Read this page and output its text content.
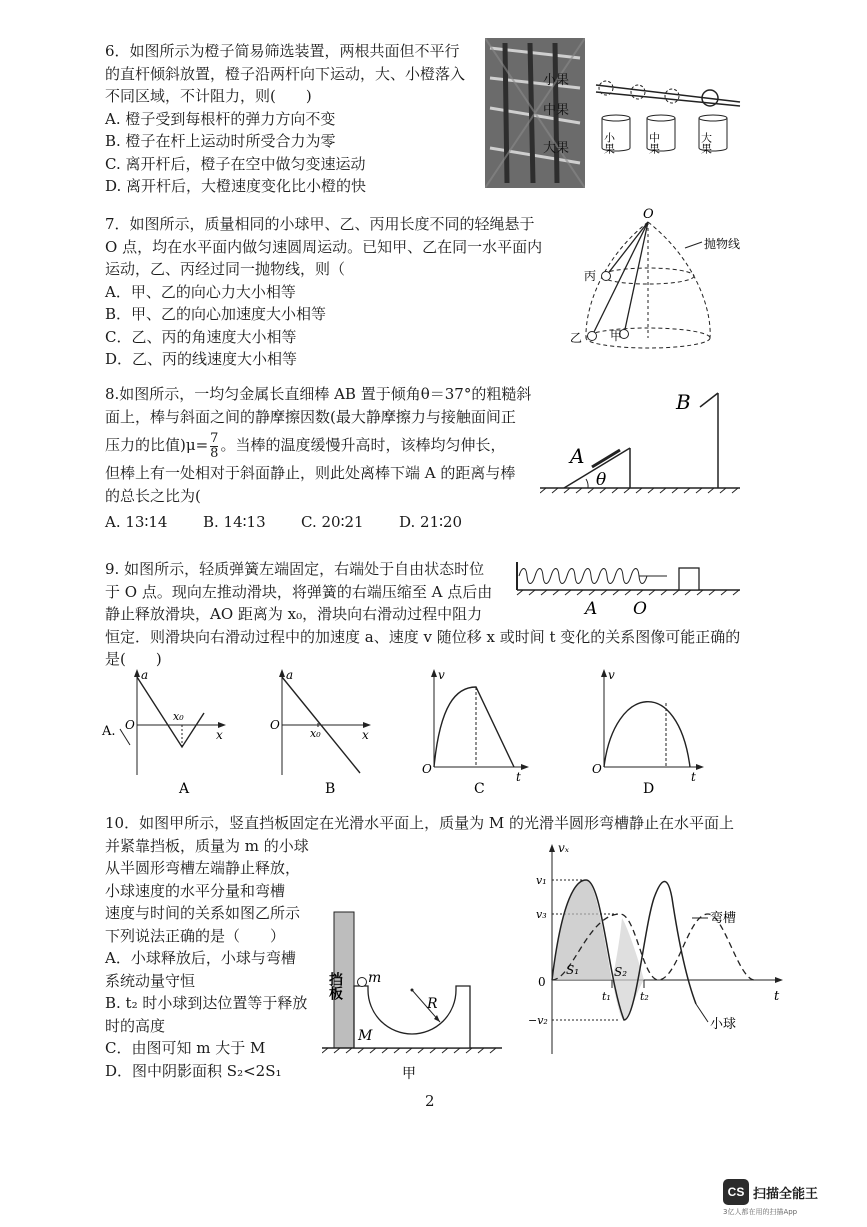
6．如图所示为橙子简易筛选装置，两根共面但不平行
的直杆倾斜放置，橙子沿两杆向下运动，大、小橙落入
不同区域，不计阻力，则(　　)
A. 橙子受到每根杆的弹力方向不变
B. 橙子在杆上运动时所受合力为零
C. 离开杆后，橙子在空中做匀变速运动
D. 离开杆后，大橙速度变化比小橙的快
小果
中果
大果	小果	中果	大果
7．如图所示，质量相同的小球甲、乙、丙用长度不同的轻绳悬于
O 点，均在水平面内做匀速圆周运动。已知甲、乙在同一水平面内
运动，乙、丙经过同一抛物线，则（
A．甲、乙的向心力大小相等
B．甲、乙的向心加速度大小相等
C．乙、丙的角速度大小相等
D．乙、丙的线速度大小相等
O
抛物线
丙
乙 甲
8.如图所示，一均匀金属长直细棒 AB 置于倾角θ＝37°的粗糙斜
面上，棒与斜面之间的静摩擦因数(最大静摩擦力与接触面间正
压力的比值)$\mu= \frac{7}{8}$ 。当棒的温度缓慢升高时，该棒均匀伸长，
但棒上有一处相对于斜面静止，则此处离棒下端 A 的距离与棒
的总长之比为(
A. 13∶14 B. 14∶13 C. 20∶21 D. 21∶20
θ
A
B
9. 如图所示，轻质弹簧左端固定，右端处于自由状态时位
于 O 点。现向左推动滑块，将弹簧的右端压缩至 A 点后由
静止释放滑块，AO 距离为 x₀，滑块向右滑动过程中阻力
恒定．则滑块向右滑动过程中的加速度 a、速度 v 随位移 x 或时间 t 变化的关系图像可能正确的
是(　　)
A O
A.
a
x
O
x₀
A
a
x
O
x₀
B
v
t
O
C
v
t
O
D
10．如图甲所示，竖直挡板固定在光滑水平面上，质量为 M 的光滑半圆形弯槽静止在水平面上
并紧靠挡板，质量为 m 的小球
从半圆形弯槽左端静止释放，
小球速度的水平分量和弯槽
速度与时间的关系如图乙所示
下列说法正确的是（　　）
A．小球释放后，小球与弯槽
系统动量守恒
B. t₂ 时小球到达位置等于释放
时的高度
C．由图可知 m 大于 M
D．图中阴影面积 S₂<2S₁
挡板 m
R
M
甲
vₓ
t
0
v₁
v₃
−v₂
t₁	t₂
S₁	S₂
弯槽
小球
2
CS 扫描全能王
3亿人都在用的扫描App
